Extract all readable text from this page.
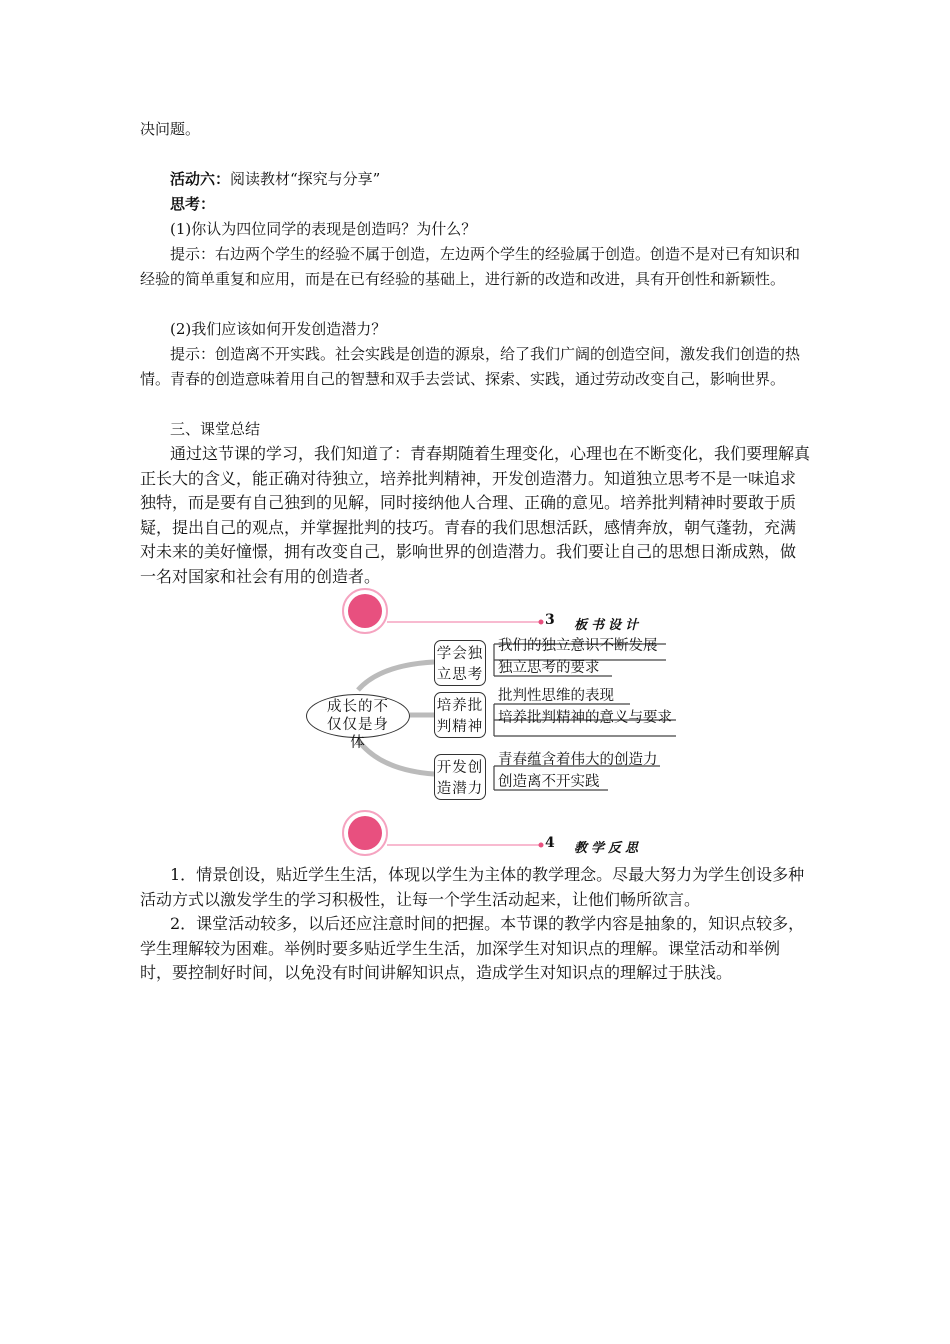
决问题。

活动六：阅读教材“探究与分享”

思考：

(1)你认为四位同学的表现是创造吗？为什么？

提示：右边两个学生的经验不属于创造，左边两个学生的经验属于创造。创造不是对已有知识和经验的简单重复和应用，而是在已有经验的基础上，进行新的改造和改进，具有开创性和新颖性。

(2)我们应该如何开发创造潜力？

提示：创造离不开实践。社会实践是创造的源泉，给了我们广阔的创造空间，激发我们创造的热情。青春的创造意味着用自己的智慧和双手去尝试、探索、实践，通过劳动改变自己，影响世界。

三、课堂总结

通过这节课的学习，我们知道了：青春期随着生理变化，心理也在不断变化，我们要理解真正长大的含义，能正确对待独立，培养批判精神，开发创造潜力。知道独立思考不是一味追求独特，而是要有自己独到的见解，同时接纳他人合理、正确的意见。培养批判精神时要敢于质疑，提出自己的观点，并掌握批判的技巧。青春的我们思想活跃，感情奔放，朝气蓬勃，充满对未来的美好憧憬，拥有改变自己，影响世界的创造潜力。我们要让自己的思想日渐成熟，做一名对国家和社会有用的创造者。

3 板书设计
成长的不仅仅是身体
学会独立思考
培养批判精神
开发创造潜力
我们的独立意识不断发展
独立思考的要求
批判性思维的表现
培养批判精神的意义与要求
青春蕴含着伟大的创造力
创造离不开实践
4 教学反思

1．情景创设，贴近学生生活，体现以学生为主体的教学理念。尽最大努力为学生创设多种活动方式以激发学生的学习积极性，让每一个学生活动起来，让他们畅所欲言。

2．课堂活动较多，以后还应注意时间的把握。本节课的教学内容是抽象的，知识点较多，学生理解较为困难。举例时要多贴近学生生活，加深学生对知识点的理解。课堂活动和举例时，要控制好时间，以免没有时间讲解知识点，造成学生对知识点的理解过于肤浅。
